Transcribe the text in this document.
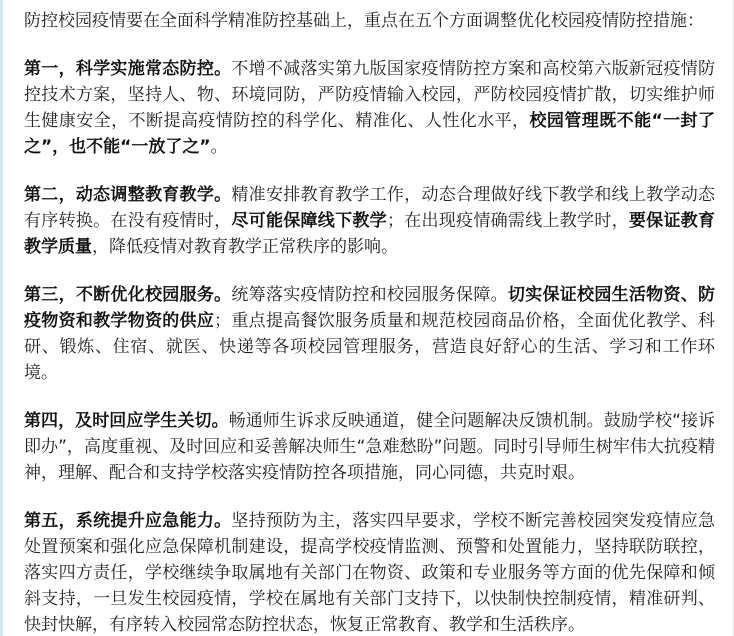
防控校园疫情要在全面科学精准防控基础上，重点在五个方面调整优化校园疫情防控措施：

第一，科学实施常态防控。不增不减落实第九版国家疫情防控方案和高校第六版新冠疫情防控技术方案，坚持人、物、环境同防，严防疫情输入校园，严防校园疫情扩散，切实维护师生健康安全，不断提高疫情防控的科学化、精准化、人性化水平，校园管理既不能“一封了之”，也不能“一放了之”。

第二，动态调整教育教学。精准安排教育教学工作，动态合理做好线下教学和线上教学动态有序转换。在没有疫情时，尽可能保障线下教学；在出现疫情确需线上教学时，要保证教育教学质量，降低疫情对教育教学正常秩序的影响。

第三，不断优化校园服务。统筹落实疫情防控和校园服务保障。切实保证校园生活物资、防疫物资和教学物资的供应；重点提高餐饮服务质量和规范校园商品价格，全面优化教学、科研、锻炼、住宿、就医、快递等各项校园管理服务，营造良好舒心的生活、学习和工作环境。

第四，及时回应学生关切。畅通师生诉求反映通道，健全问题解决反馈机制。鼓励学校“接诉即办”，高度重视、及时回应和妥善解决师生“急难愁盼”问题。同时引导师生树牢伟大抗疫精神，理解、配合和支持学校落实疫情防控各项措施，同心同德，共克时艰。

第五，系统提升应急能力。坚持预防为主，落实四早要求，学校不断完善校园突发疫情应急处置预案和强化应急保障机制建设，提高学校疫情监测、预警和处置能力，坚持联防联控，落实四方责任，学校继续争取属地有关部门在物资、政策和专业服务等方面的优先保障和倾斜支持，一旦发生校园疫情，学校在属地有关部门支持下，以快制快控制疫情，精准研判、快封快解，有序转入校园常态防控状态，恢复正常教育、教学和生活秩序。
